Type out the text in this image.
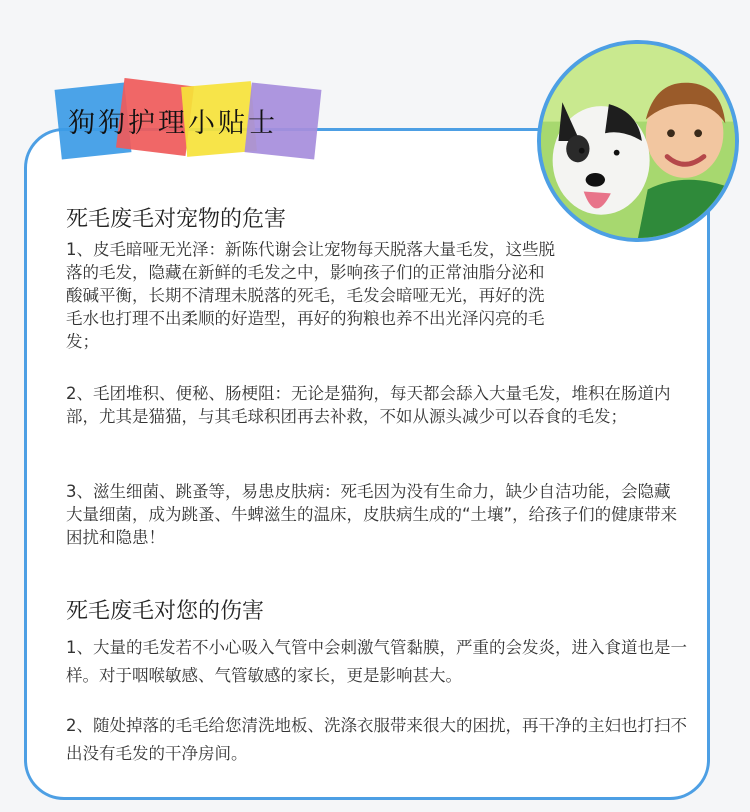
狗狗护理小贴士
死毛废毛对宠物的危害

1、皮毛暗哑无光泽：新陈代谢会让宠物每天脱落大量毛发，这些脱落的毛发，隐藏在新鲜的毛发之中，影响孩子们的正常油脂分泌和酸碱平衡，长期不清理未脱落的死毛，毛发会暗哑无光，再好的洗毛水也打理不出柔顺的好造型，再好的狗粮也养不出光泽闪亮的毛发；

2、毛团堆积、便秘、肠梗阻：无论是猫狗，每天都会舔入大量毛发，堆积在肠道内部，尤其是猫猫，与其毛球积团再去补救，不如从源头减少可以吞食的毛发；

3、滋生细菌、跳蚤等，易患皮肤病：死毛因为没有生命力，缺少自洁功能，会隐藏大量细菌，成为跳蚤、牛蜱滋生的温床，皮肤病生成的“土壤”，给孩子们的健康带来困扰和隐患！

死毛废毛对您的伤害

1、大量的毛发若不小心吸入气管中会刺激气管黏膜，严重的会发炎，进入食道也是一样。对于咽喉敏感、气管敏感的家长，更是影响甚大。

2、随处掉落的毛毛给您清洗地板、洗涤衣服带来很大的困扰，再干净的主妇也打扫不出没有毛发的干净房间。
